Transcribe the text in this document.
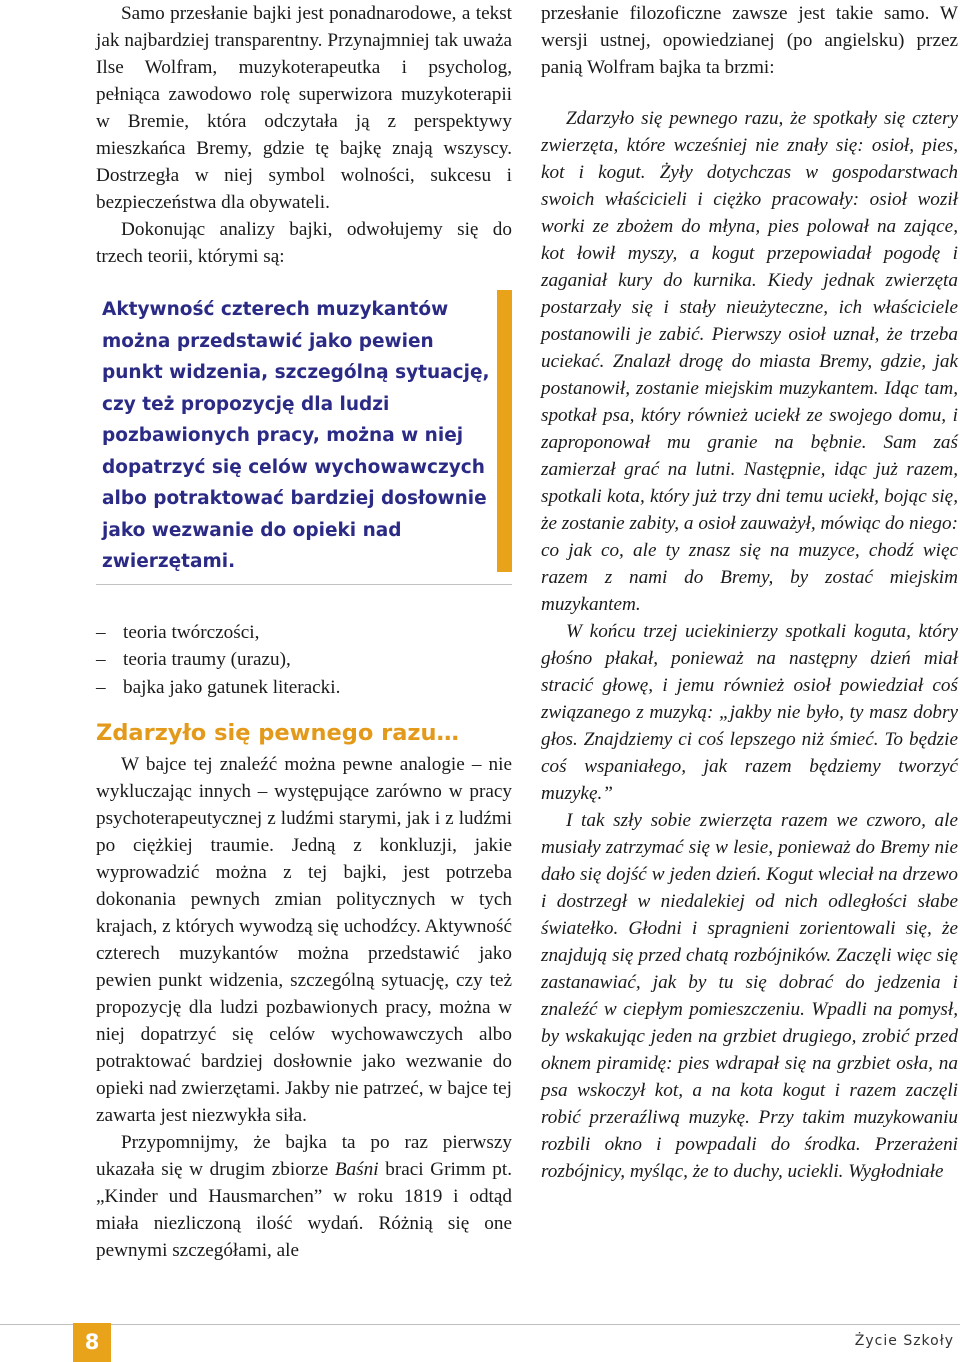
Samo przesłanie bajki jest ponadnarodowe, a tekst jak najbardziej transparentny. Przynajmniej tak uważa Ilse Wolfram, muzykoterapeutka i psycholog, pełniąca zawodowo rolę superwizora muzykoterapii w Bremie, która odczytała ją z perspektywy mieszkańca Bremy, gdzie tę bajkę znają wszyscy. Dostrzegła w niej symbol wolności, sukcesu i bezpieczeństwa dla obywateli.

Dokonując analizy bajki, odwołujemy się do trzech teorii, którymi są:

Aktywność czterech muzykantów można przedstawić jako pewien punkt widzenia, szczególną sytuację, czy też propozycję dla ludzi pozbawionych pracy, można w niej dopatrzyć się celów wychowawczych albo potraktować bardziej dosłownie jako wezwanie do opieki nad zwierzętami.
– teoria twórczości,
– teoria traumy (urazu),
– bajka jako gatunek literacki.
Zdarzyło się pewnego razu…

W bajce tej znaleźć można pewne analogie – nie wykluczając innych – występujące zarówno w pracy psychoterapeutycznej z ludźmi starymi, jak i z ludźmi po ciężkiej traumie. Jedną z konkluzji, jakie wyprowadzić można z tej bajki, jest potrzeba dokonania pewnych zmian politycznych w tych krajach, z których wywodzą się uchodźcy. Aktywność czterech muzykantów można przedstawić jako pewien punkt widzenia, szczególną sytuację, czy też propozycję dla ludzi pozbawionych pracy, można w niej dopatrzyć się celów wychowawczych albo potraktować bardziej dosłownie jako wezwanie do opieki nad zwierzętami. Jakby nie patrzeć, w bajce tej zawarta jest niezwykła siła.

Przypomnijmy, że bajka ta po raz pierwszy ukazała się w drugim zbiorze Baśni braci Grimm pt. „Kinder und Hausmarchen” w roku 1819 i odtąd miała niezliczoną ilość wydań. Różnią się one pewnymi szczegółami, ale

przesłanie filozoficzne zawsze jest takie samo. W wersji ustnej, opowiedzianej (po angielsku) przez panią Wolfram bajka ta brzmi:

Zdarzyło się pewnego razu, że spotkały się cztery zwierzęta, które wcześniej nie znały się: osioł, pies, kot i kogut. Żyły dotychczas w gospodarstwach swoich właścicieli i ciężko pracowały: osioł woził worki ze zbożem do młyna, pies polował na zające, kot łowił myszy, a kogut przepowiadał pogodę i zaganiał kury do kurnika. Kiedy jednak zwierzęta postarzały się i stały nieużyteczne, ich właściciele postanowili je zabić. Pierwszy osioł uznał, że trzeba uciekać. Znalazł drogę do miasta Bremy, gdzie, jak postanowił, zostanie miejskim muzykantem. Idąc tam, spotkał psa, który również uciekł ze swojego domu, i zaproponował mu granie na bębnie. Sam zaś zamierzał grać na lutni. Następnie, idąc już razem, spotkali kota, który już trzy dni temu uciekł, bojąc się, że zostanie zabity, a osioł zauważył, mówiąc do niego: co jak co, ale ty znasz się na muzyce, chodź więc razem z nami do Bremy, by zostać miejskim muzykantem.

W końcu trzej uciekinierzy spotkali koguta, który głośno płakał, ponieważ na następny dzień miał stracić głowę, i jemu również osioł powiedział coś związanego z muzyką: „jakby nie było, ty masz dobry głos. Znajdziemy ci coś lepszego niż śmieć. To będzie coś wspaniałego, jak razem będziemy tworzyć muzykę.”

I tak szły sobie zwierzęta razem we czworo, ale musiały zatrzymać się w lesie, ponieważ do Bremy nie dało się dojść w jeden dzień. Kogut wleciał na drzewo i dostrzegł w niedalekiej od nich odległości słabe światełko. Głodni i spragnieni zorientowali się, że znajdują się przed chatą rozbójników. Zaczęli więc się zastanawiać, jak by tu się dobrać do jedzenia i znaleźć w ciepłym pomieszczeniu. Wpadli na pomysł, by wskakując jeden na grzbiet drugiego, zrobić przed oknem piramidę: pies wdrapał się na grzbiet osła, na psa wskoczył kot, a na kota kogut i razem zaczęli robić przeraźliwą muzykę. Przy takim muzykowaniu rozbili okno i powpadali do środka. Przerażeni rozbójnicy, myśląc, że to duchy, uciekli. Wygłodniałe

8	Życie Szkoły
